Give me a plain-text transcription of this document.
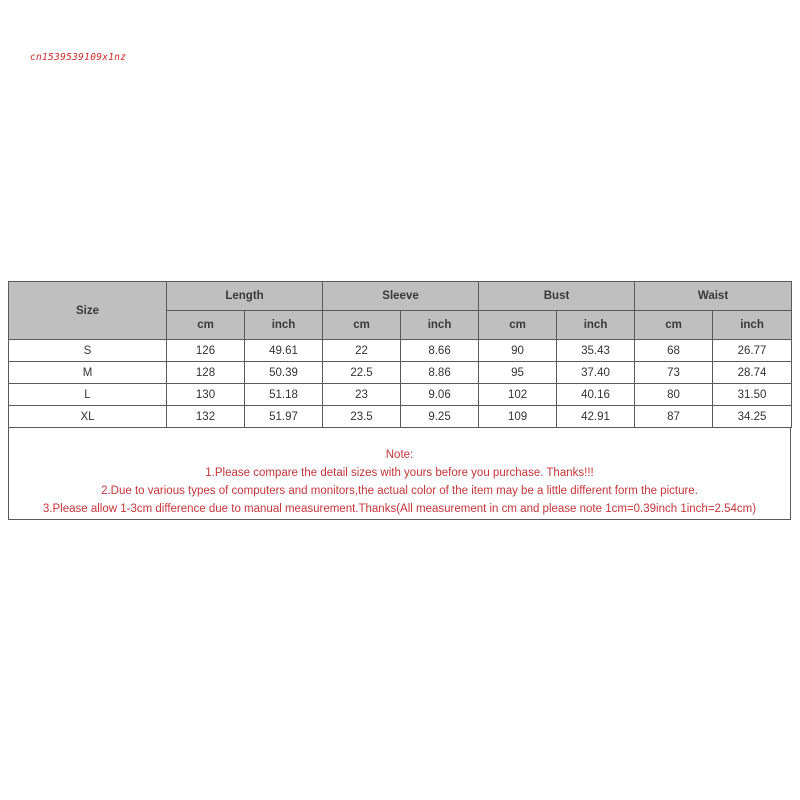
cn1539539109x1nz
Size	Length		Sleeve		Bust		Waist	
	cm	inch	cm	inch	cm	inch	cm	inch
S	126	49.61	22	8.66	90	35.43	68	26.77
M	128	50.39	22.5	8.86	95	37.40	73	28.74
L	130	51.18	23	9.06	102	40.16	80	31.50
XL	132	51.97	23.5	9.25	109	42.91	87	34.25
Note:
1.Please compare the detail sizes with yours before you purchase. Thanks!!!
2.Due to various types of computers and monitors,the actual color of the item may be a little different form the picture.
3.Please allow 1-3cm difference due to manual measurement.Thanks(All measurement in cm and please note 1cm=0.39inch 1inch=2.54cm)
